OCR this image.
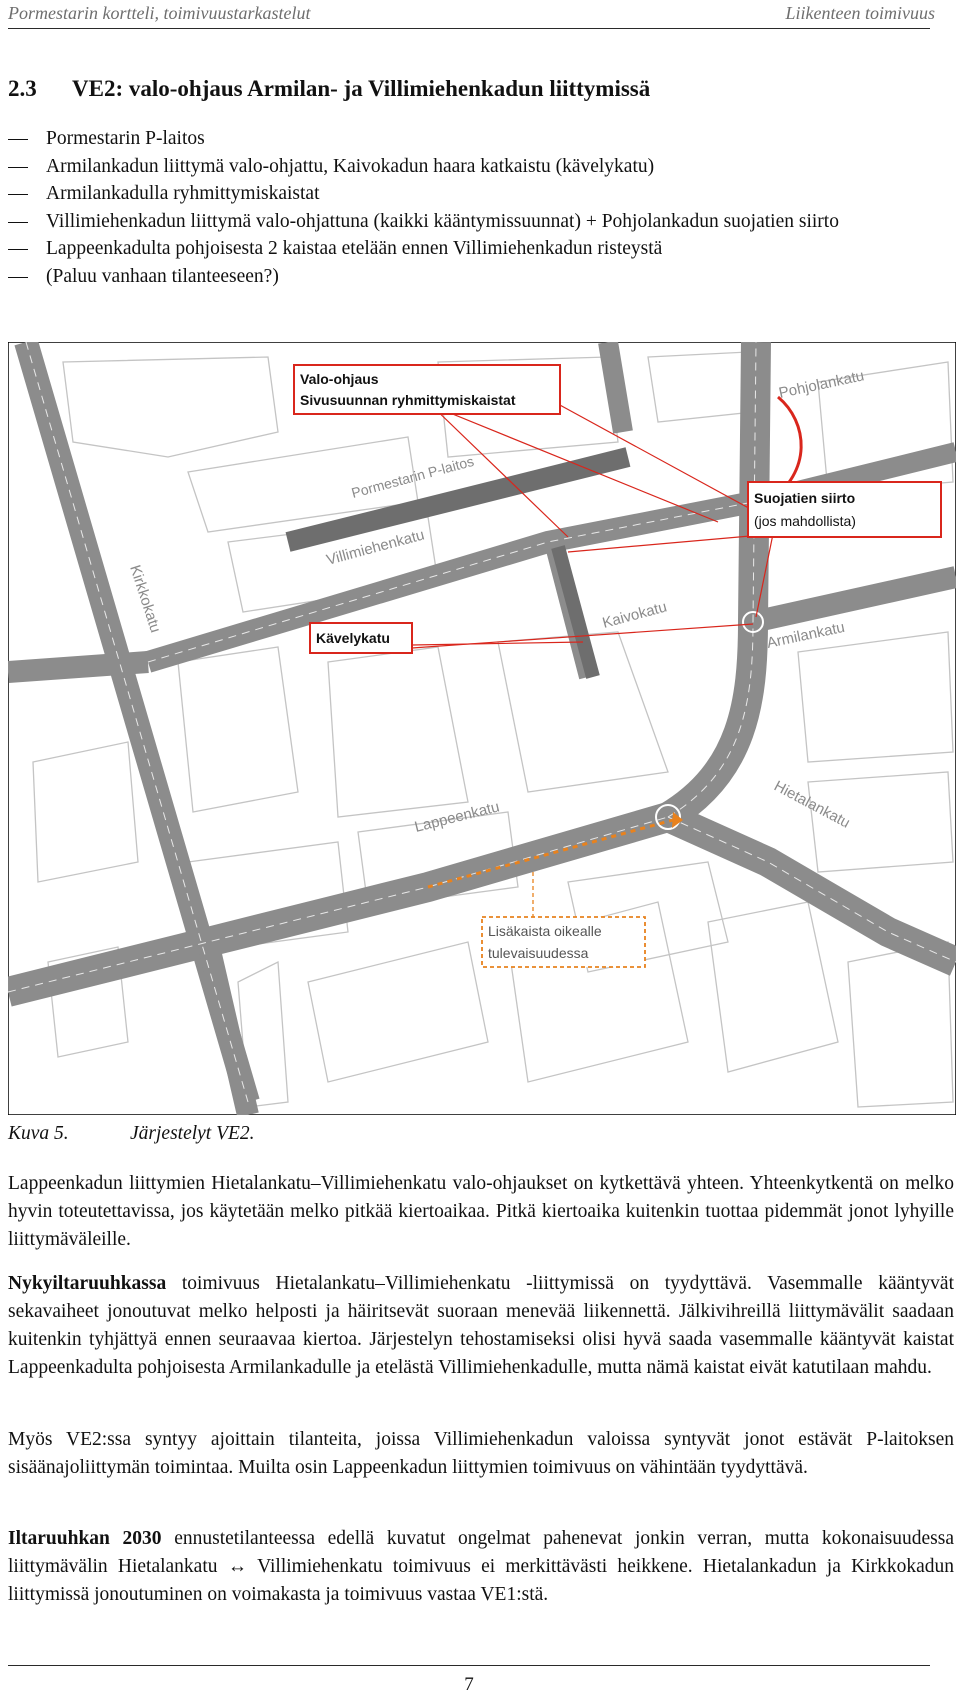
Pormestarin kortteli, toimivuustarkastelut	Liikenteen toimivuus
2.3 VE2: valo-ohjaus Armilan- ja Villimiehenkadun liittymissä
Pormestarin P-laitos
Armilankadun liittymä valo-ohjattu, Kaivokadun haara katkaistu (kävelykatu)
Armilankadulla ryhmittymiskaistat
Villimiehenkadun liittymä valo-ohjattuna (kaikki kääntymissuunnat) + Pohjolankadun suojatien siirto
Lappeenkadulta pohjoisesta 2 kaistaa etelään ennen Villimiehenkadun risteystä
(Paluu vanhaan tilanteeseen?)
Kirkkokatu
Pormestarin P-laitos
Villimiehenkatu
Pohjolankatu
Kaivokatu
Armilankatu
Lappeenkatu	Hietalankatu
Valo-ohjaus
Sivusuunnan ryhmittymiskaistat
Suojatien siirto
(jos mahdollista)
Kävelykatu
Lisäkaista oikealle
tulevaisuudessa
Kuva 5.	Järjestelyt VE2.

Lappeenkadun liittymien Hietalankatu–Villimiehenkatu valo-ohjaukset on kytkettävä yhteen. Yhteenkytkentä on melko hyvin toteutettavissa, jos käytetään melko pitkää kiertoaikaa. Pitkä kiertoaika kuitenkin tuottaa pidemmät jonot lyhyille liittymäväleille.

Nykyiltaruuhkassa toimivuus Hietalankatu–Villimiehenkatu -liittymissä on tyydyttävä. Vasemmalle kääntyvät sekavaiheet jonoutuvat melko helposti ja häiritsevät suoraan menevää liikennettä. Jälkivihreillä liittymävälit saadaan kuitenkin tyhjättyä ennen seuraavaa kiertoa. Järjestelyn tehostamiseksi olisi hyvä saada vasemmalle kääntyvät kaistat Lappeenkadulta pohjoisesta Armilankadulle ja etelästä Villimiehenkadulle, mutta nämä kaistat eivät katutilaan mahdu.

Myös VE2:ssa syntyy ajoittain tilanteita, joissa Villimiehenkadun valoissa syntyvät jonot estävät P-laitoksen sisäänajoliittymän toimintaa. Muilta osin Lappeenkadun liittymien toimivuus on vähintään tyydyttävä.

Iltaruuhkan 2030 ennustetilanteessa edellä kuvatut ongelmat pahenevat jonkin verran, mutta kokonaisuudessa liittymävälin Hietalankatu ↔ Villimiehenkatu toimivuus ei merkittävästi heikkene. Hietalankadun ja Kirkkokadun liittymissä jonoutuminen on voimakasta ja toimivuus vastaa VE1:stä.

7
